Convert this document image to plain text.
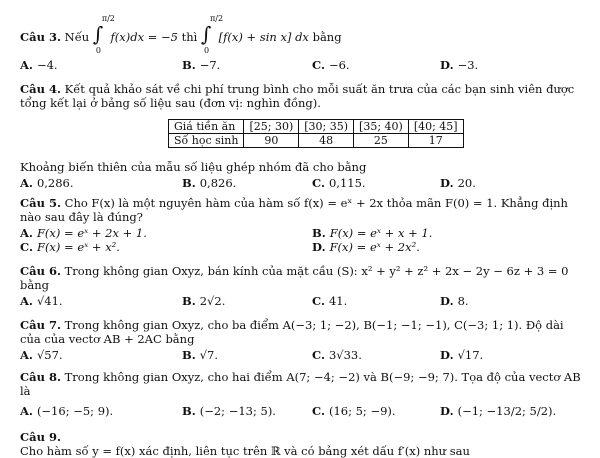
Câu 3. Nếu ∫
π/2
0
f(x)dx = −5 thì ∫
π/2
0
[f(x) + sin x] dx bằng
A. −4.	B. −7.	C. −6.	D. −3.
Câu 4. Kết quả khảo sát về chi phí trung bình cho mỗi suất ăn trưa của các bạn sinh viên được tổng kết lại ở bảng số liệu sau (đơn vị: nghìn đồng).
Giá tiền ăn	[25; 30)	[30; 35)	[35; 40)	[40; 45]
Số học sinh	90	48	25	17
Khoảng biến thiên của mẫu số liệu ghép nhóm đã cho bằng
A. 0,286.	B. 0,826.	C. 0,115.	D. 20.
Câu 5. Cho F(x) là một nguyên hàm của hàm số f(x) = eˣ + 2x thỏa mãn F(0) = 1. Khẳng định nào sau đây là đúng?
A. F(x) = eˣ + 2x + 1.	B. F(x) = eˣ + x + 1.
C. F(x) = eˣ + x².	D. F(x) = eˣ + 2x².
Câu 6. Trong không gian Oxyz, bán kính của mặt cầu (S): x² + y² + z² + 2x − 2y − 6z + 3 = 0 bằng
A. √41.	B. 2√2.	C. 41.	D. 8.
Câu 7. Trong không gian Oxyz, cho ba điểm A(−3; 1; −2), B(−1; −1; −1), C(−3; 1; 1). Độ dài của của vectơ AB + 2AC bằng
A. √57.	B. √7.	C. 3√33.	D. √17.
Câu 8. Trong không gian Oxyz, cho hai điểm A(7; −4; −2) và B(−9; −9; 7). Tọa độ của vectơ AB là
A. (−16; −5; 9).	B. (−2; −13; 5).	C. (16; 5; −9).	D. (−1; −13/2; 5/2).
Câu 9.
Cho hàm số y = f(x) xác định, liên tục trên ℝ và có bảng xét dấu f′(x) như sau
